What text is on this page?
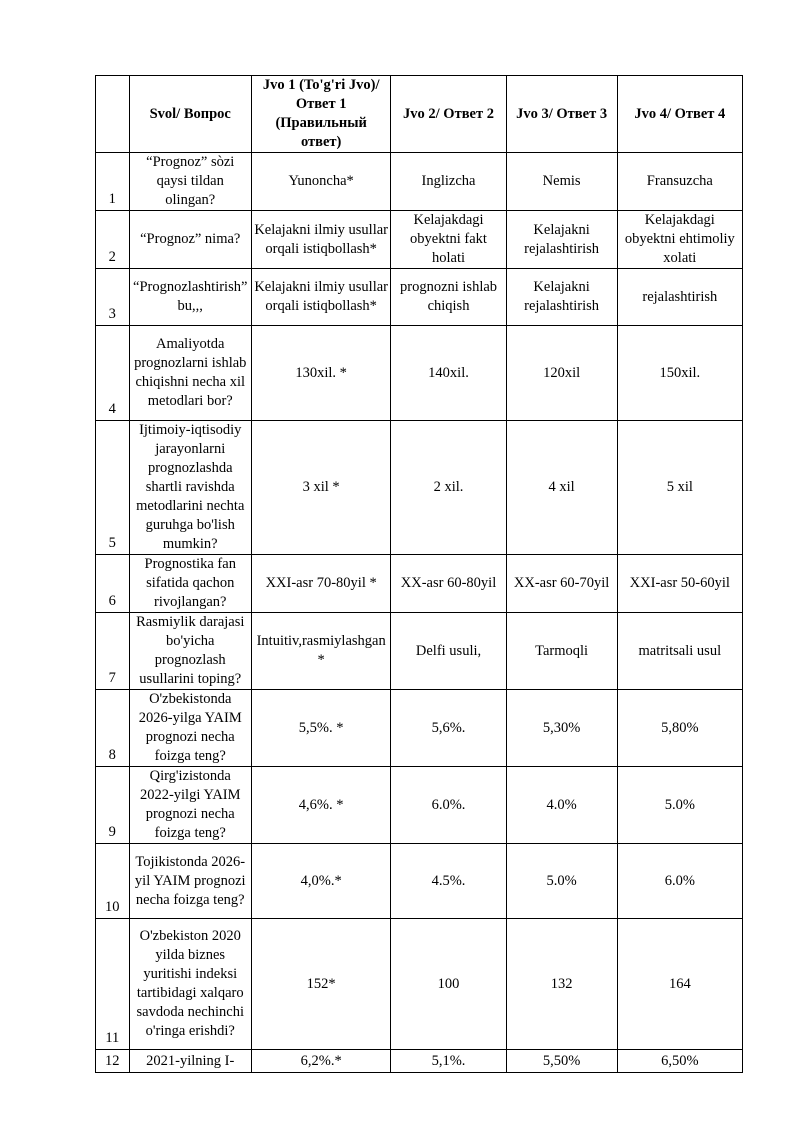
	Svol/ Вопрос	Jvo 1 (To'g'ri Jvo)/ Ответ 1 (Правильный ответ)	Jvo 2/ Ответ 2	Jvo 3/ Ответ 3	Jvo 4/ Ответ 4
1	“Prognoz” sòzi qaysi tildan olingan?	Yunoncha*	Inglizcha	Nemis	Fransuzcha
2	“Prognoz” nima?	Kelajakni ilmiy usullar orqali istiqbollash*	Kelajakdagi obyektni fakt holati	Kelajakni rejalashtirish	Kelajakdagi obyektni ehtimoliy xolati
3	“Prognozlashtirish” bu,,,	Kelajakni ilmiy usullar orqali istiqbollash*	prognozni ishlab chiqish	Kelajakni rejalashtirish	rejalashtirish
4	Amaliyotda prognozlarni ishlab chiqishni necha xil metodlari bor?	130xil. *	140xil.	120xil	150xil.
5	Ijtimoiy-iqtisodiy jarayonlarni prognozlashda shartli ravishda metodlarini nechta guruhga bo'lish mumkin?	3 xil *	2 xil.	4 xil	5 xil
6	Prognostika fan sifatida qachon rivojlangan?	XXI-asr 70-80yil *	XX-asr 60-80yil	XX-asr 60-70yil	XXI-asr 50-60yil
7	Rasmiylik darajasi bo'yicha prognozlash usullarini toping?	Intuitiv,rasmiylashgan *	Delfi usuli,	Tarmoqli	matritsali usul
8	O'zbekistonda 2026-yilga YAIM prognozi necha foizga teng?	5,5%. *	5,6%.	5,30%	5,80%
9	Qirg'izistonda 2022-yilgi YAIM prognozi necha foizga teng?	4,6%. *	6.0%.	4.0%	5.0%
10	Tojikistonda 2026-yil YAIM prognozi necha foizga teng?	4,0%.*	4.5%.	5.0%	6.0%
11	O'zbekiston 2020 yilda biznes yuritishi indeksi tartibidagi xalqaro savdoda nechinchi o'ringa erishdi?	152*	100	132	164
12	2021-yilning I-	6,2%.*	5,1%.	5,50%	6,50%
